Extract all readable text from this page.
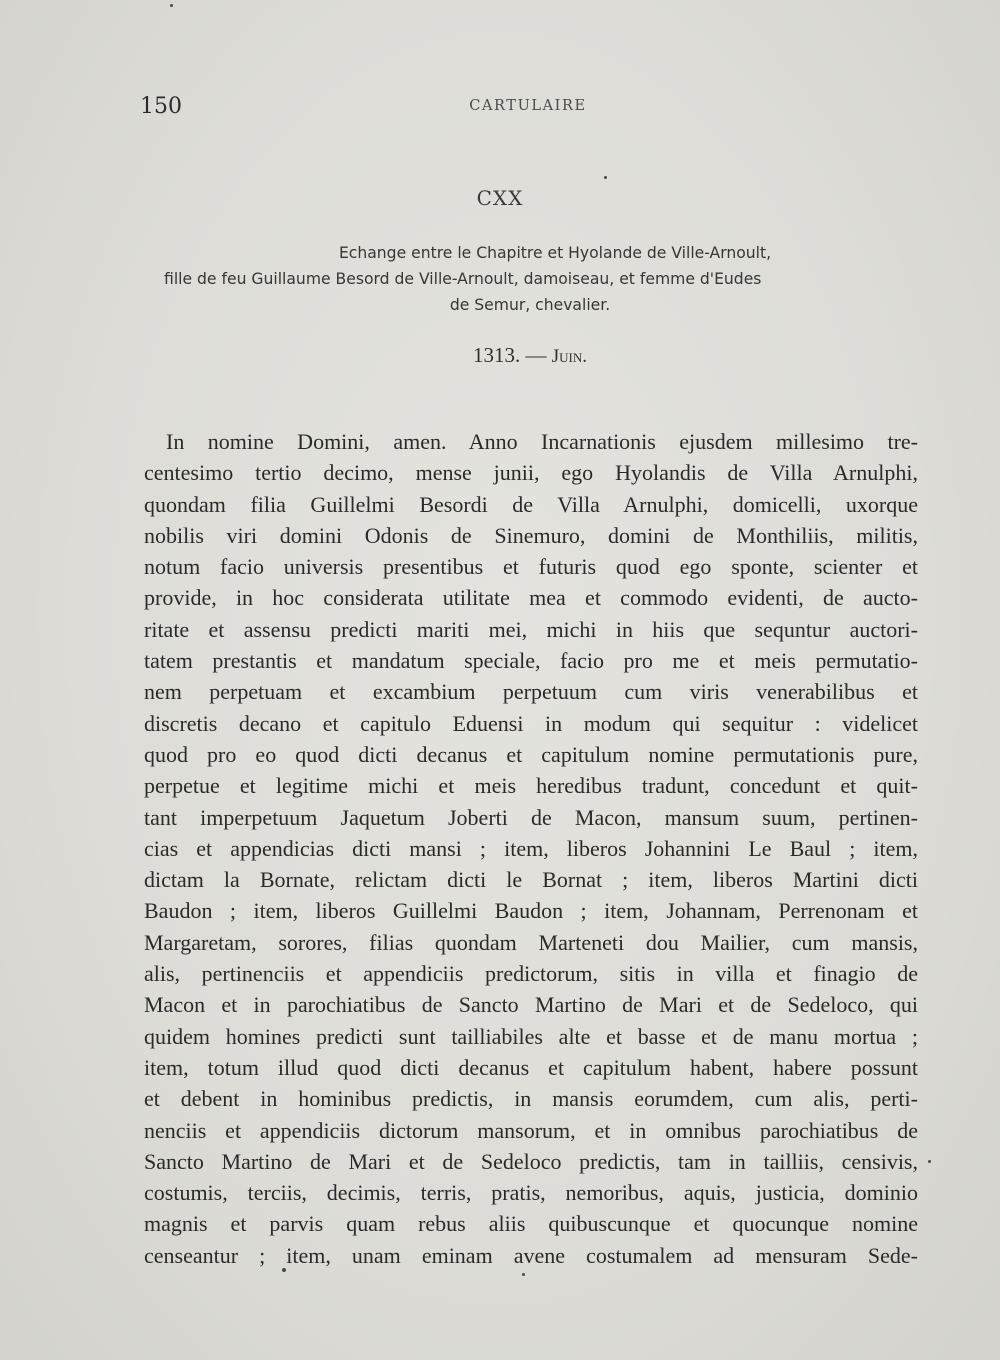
150	CARTULAIRE
CXX
Echange entre le Chapitre et Hyolande de Ville-Arnoult,
fille de feu Guillaume Besord de Ville-Arnoult, damoiseau, et femme d'Eudes
de Semur, chevalier.
1313. — Juin.
In nomine Domini, amen. Anno Incarnationis ejusdem millesimo tre-
centesimo tertio decimo, mense junii, ego Hyolandis de Villa Arnulphi,
quondam filia Guillelmi Besordi de Villa Arnulphi, domicelli, uxorque
nobilis viri domini Odonis de Sinemuro, domini de Monthiliis, militis,
notum facio universis presentibus et futuris quod ego sponte, scienter et
provide, in hoc considerata utilitate mea et commodo evidenti, de aucto-
ritate et assensu predicti mariti mei, michi in hiis que sequntur auctori-
tatem prestantis et mandatum speciale, facio pro me et meis permutatio-
nem perpetuam et excambium perpetuum cum viris venerabilibus et
discretis decano et capitulo Eduensi in modum qui sequitur : videlicet
quod pro eo quod dicti decanus et capitulum nomine permutationis pure,
perpetue et legitime michi et meis heredibus tradunt, concedunt et quit-
tant imperpetuum Jaquetum Joberti de Macon, mansum suum, pertinen-
cias et appendicias dicti mansi ; item, liberos Johannini Le Baul ; item,
dictam la Bornate, relictam dicti le Bornat ; item, liberos Martini dicti
Baudon ; item, liberos Guillelmi Baudon ; item, Johannam, Perrenonam et
Margaretam, sorores, filias quondam Marteneti dou Mailier, cum mansis,
alis, pertinenciis et appendiciis predictorum, sitis in villa et finagio de
Macon et in parochiatibus de Sancto Martino de Mari et de Sedeloco, qui
quidem homines predicti sunt tailliabiles alte et basse et de manu mortua ;
item, totum illud quod dicti decanus et capitulum habent, habere possunt
et debent in hominibus predictis, in mansis eorumdem, cum alis, perti-
nenciis et appendiciis dictorum mansorum, et in omnibus parochiatibus de
Sancto Martino de Mari et de Sedeloco predictis, tam in tailliis, censivis,
costumis, terciis, decimis, terris, pratis, nemoribus, aquis, justicia, dominio
magnis et parvis quam rebus aliis quibuscunque et quocunque nomine
censeantur ; item, unam eminam avene costumalem ad mensuram Sede-
